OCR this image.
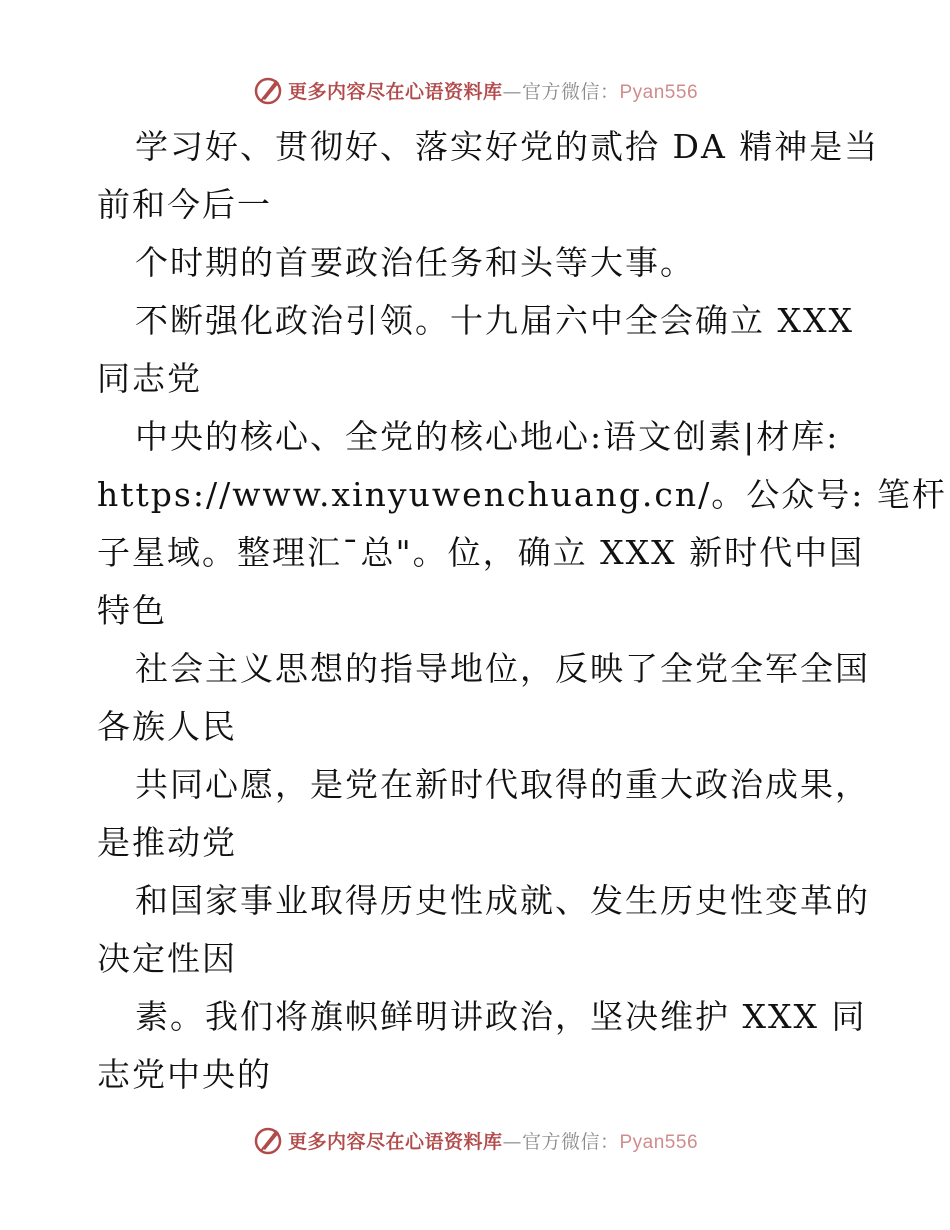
更多内容尽在心语资料库—官方微信：Pyan556
学习好、贯彻好、落实好党的贰拾 DA 精神是当
前和今后一
个时期的首要政治任务和头等大事。
不断强化政治引领。十九届六中全会确立 XXX
同志党
中央的核心、全党的核心地心:语文创素|材库:
https://www.xinyuwenchuang.cn/。公众号: 笔杆
子星域。整理汇¯总"。位，确立 XXX 新时代中国
特色
社会主义思想的指导地位，反映了全党全军全国
各族人民
共同心愿，是党在新时代取得的重大政治成果，
是推动党
和国家事业取得历史性成就、发生历史性变革的
决定性因
素。我们将旗帜鲜明讲政治，坚决维护 XXX 同
志党中央的
更多内容尽在心语资料库—官方微信：Pyan556
